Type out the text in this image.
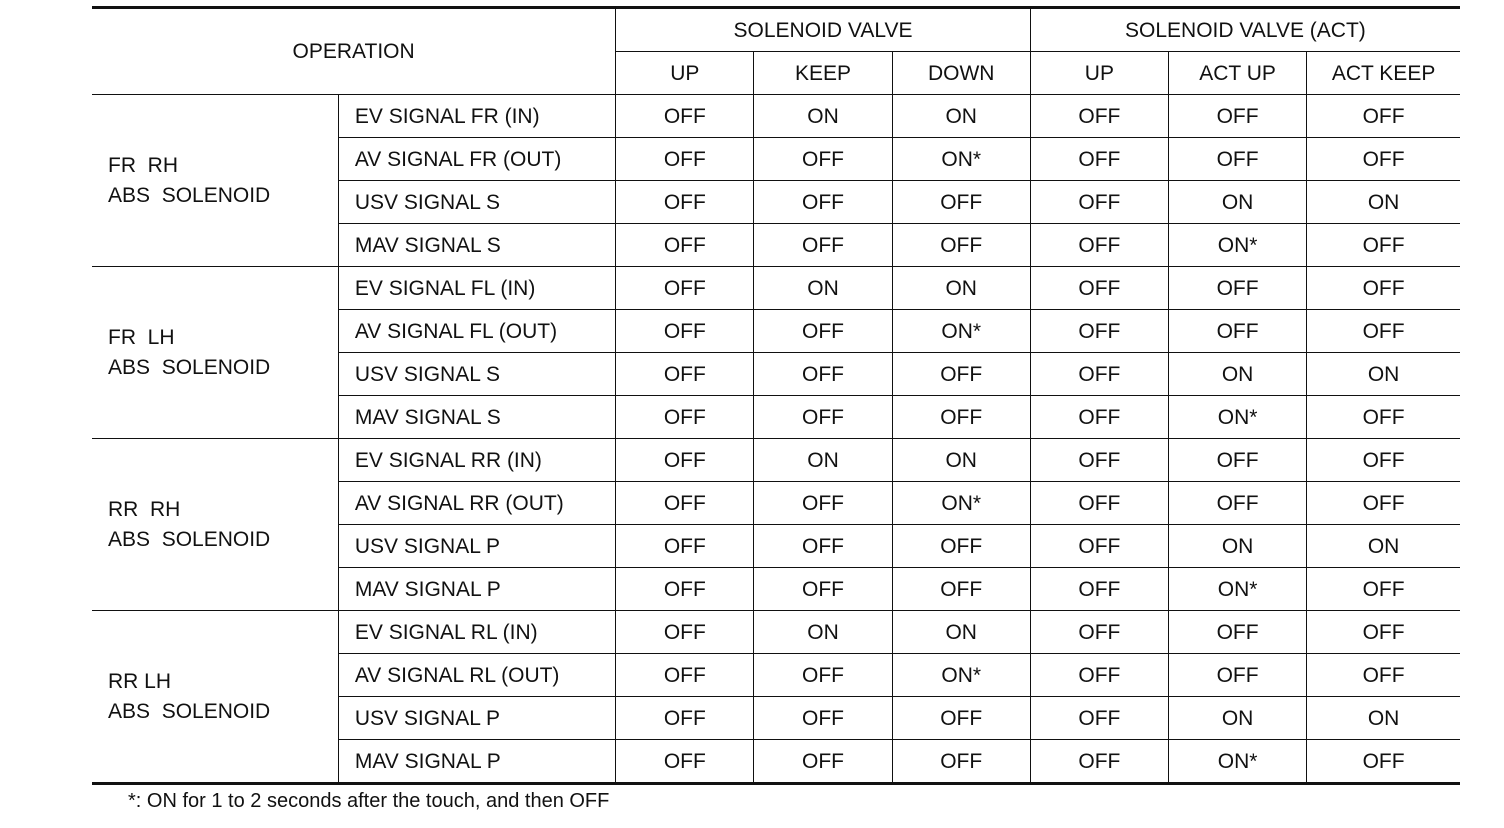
OPERATION		SOLENOID VALVE			SOLENOID VALVE (ACT)		
		UP	KEEP	DOWN	UP	ACT UP	ACT KEEP

FR  RH
ABS  SOLENOID	EV SIGNAL FR (IN)	OFF	ON	ON	OFF	OFF	OFF
	AV SIGNAL FR (OUT)	OFF	OFF	ON*	OFF	OFF	OFF
	USV SIGNAL S	OFF	OFF	OFF	OFF	ON	ON
	MAV SIGNAL S	OFF	OFF	OFF	OFF	ON*	OFF

FR  LH
ABS  SOLENOID	EV SIGNAL FL (IN)	OFF	ON	ON	OFF	OFF	OFF
	AV SIGNAL FL (OUT)	OFF	OFF	ON*	OFF	OFF	OFF
	USV SIGNAL S	OFF	OFF	OFF	OFF	ON	ON
	MAV SIGNAL S	OFF	OFF	OFF	OFF	ON*	OFF

RR  RH
ABS  SOLENOID	EV SIGNAL RR (IN)	OFF	ON	ON	OFF	OFF	OFF
	AV SIGNAL RR (OUT)	OFF	OFF	ON*	OFF	OFF	OFF
	USV SIGNAL P	OFF	OFF	OFF	OFF	ON	ON
	MAV SIGNAL P	OFF	OFF	OFF	OFF	ON*	OFF

RR LH
ABS  SOLENOID	EV SIGNAL RL (IN)	OFF	ON	ON	OFF	OFF	OFF
	AV SIGNAL RL (OUT)	OFF	OFF	ON*	OFF	OFF	OFF
	USV SIGNAL P	OFF	OFF	OFF	OFF	ON	ON
	MAV SIGNAL P	OFF	OFF	OFF	OFF	ON*	OFF
*: ON for 1 to 2 seconds after the touch, and then OFF
